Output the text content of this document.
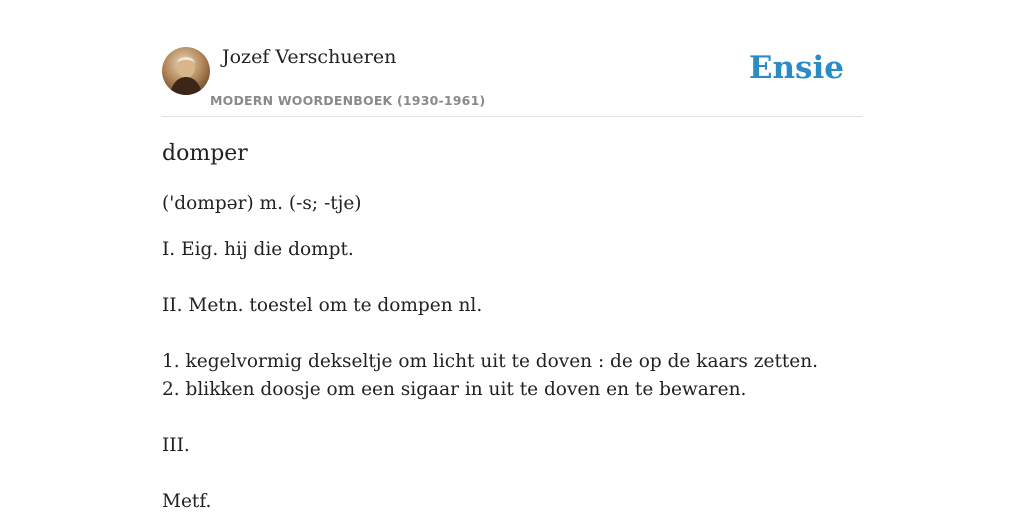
Jozef Verschueren
MODERN WOORDENBOEK (1930-1961)
Ensie
domper

('dompər) m. (-s; -tje)

I. Eig. hij die dompt.

II. Metn. toestel om te dompen nl.

1. kegelvormig dekseltje om licht uit te doven : de op de kaars zetten.

2. blikken doosje om een sigaar in uit te doven en te bewaren.

III.

Metf.
